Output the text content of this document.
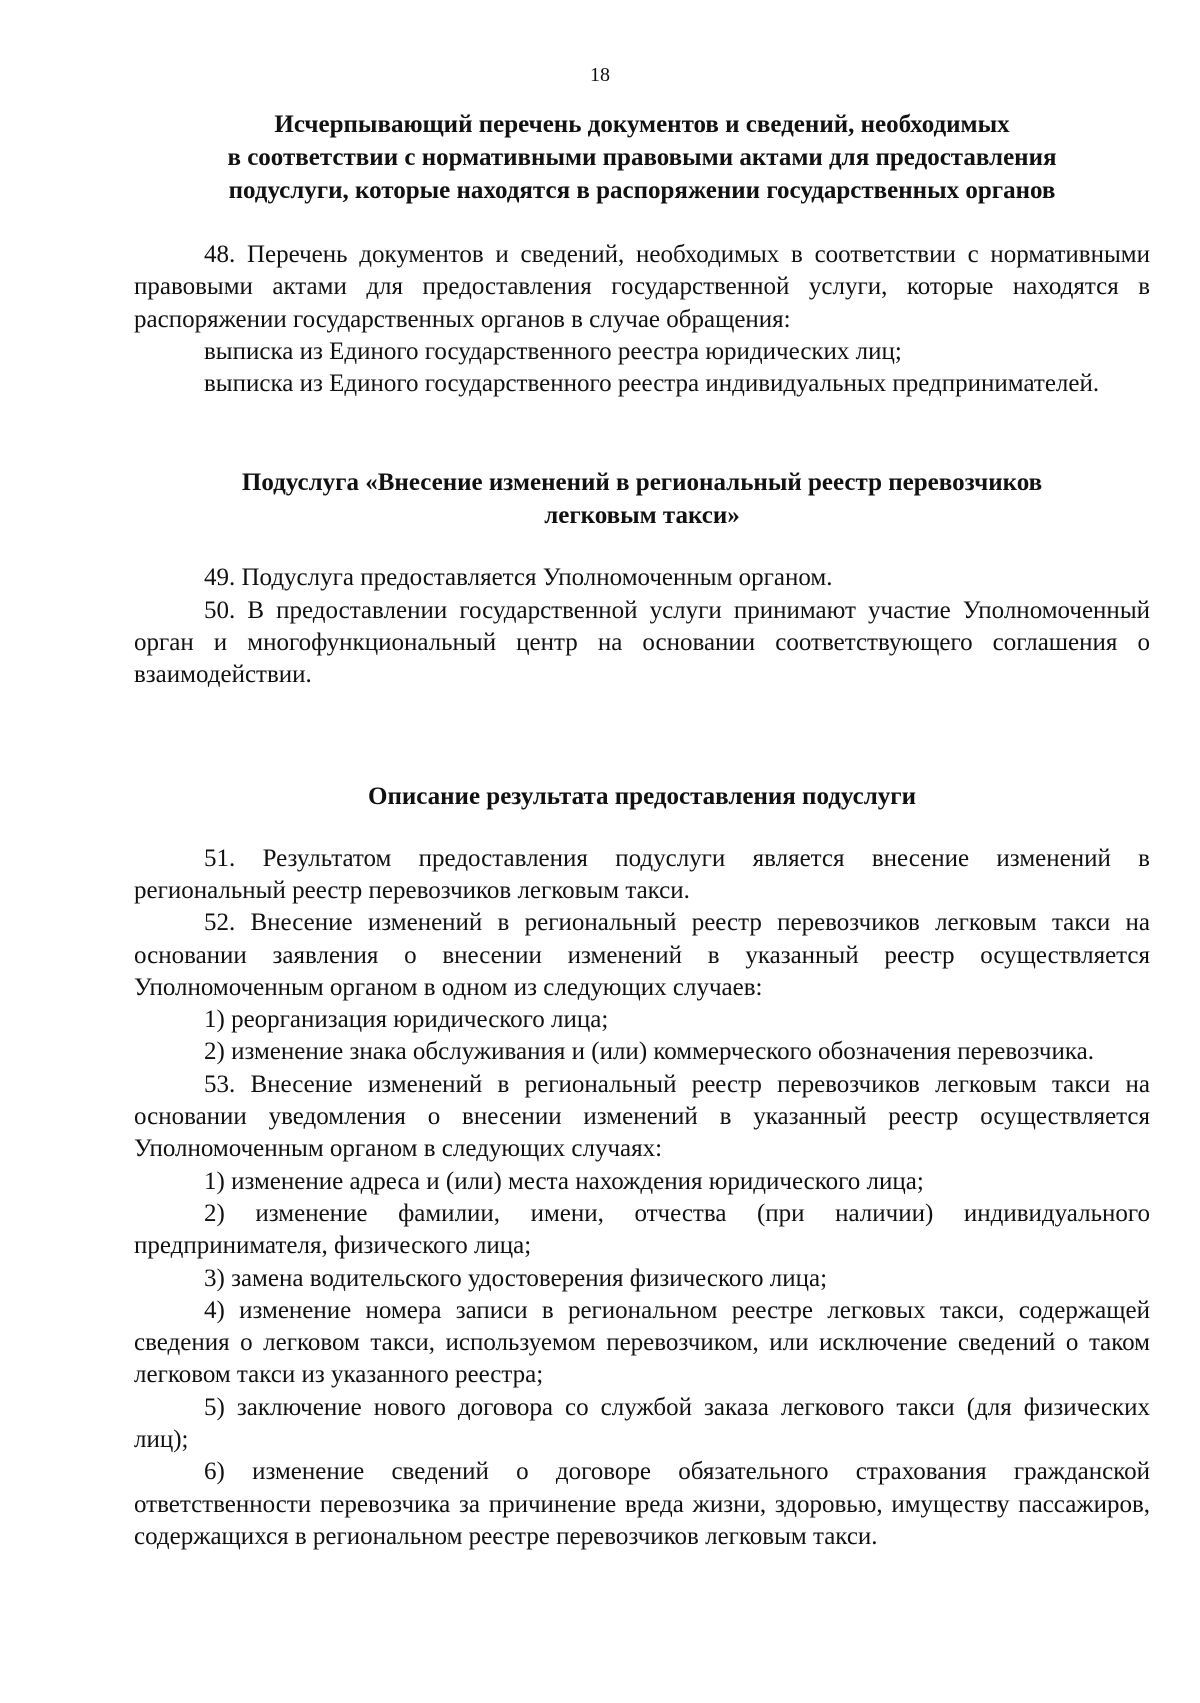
18

Исчерпывающий перечень документов и сведений, необходимых

в соответствии с нормативными правовыми актами для предоставления

подуслуги, которые находятся в распоряжении государственных органов

48. Перечень документов и сведений, необходимых в соответствии с нормативными правовыми актами для предоставления государственной услуги, которые находятся в распоряжении государственных органов в случае обращения:

выписка из Единого государственного реестра юридических лиц;

выписка из Единого государственного реестра индивидуальных предпринимателей.

Подуслуга «Внесение изменений в региональный реестр перевозчиков

легковым такси»

49. Подуслуга предоставляется Уполномоченным органом.

50. В предоставлении государственной услуги принимают участие Уполномоченный орган и многофункциональный центр на основании соответствующего соглашения о взаимодействии.

Описание результата предоставления подуслуги

51. Результатом предоставления подуслуги является внесение изменений в региональный реестр перевозчиков легковым такси.

52. Внесение изменений в региональный реестр перевозчиков легковым такси на основании заявления о внесении изменений в указанный реестр осуществляется Уполномоченным органом в одном из следующих случаев:

1) реорганизация юридического лица;

2) изменение знака обслуживания и (или) коммерческого обозначения перевозчика.

53. Внесение изменений в региональный реестр перевозчиков легковым такси на основании уведомления о внесении изменений в указанный реестр осуществляется Уполномоченным органом в следующих случаях:

1) изменение адреса и (или) места нахождения юридического лица;

2) изменение фамилии, имени, отчества (при наличии) индивидуального предпринимателя, физического лица;

3) замена водительского удостоверения физического лица;

4) изменение номера записи в региональном реестре легковых такси, содержащей сведения о легковом такси, используемом перевозчиком, или исключение сведений о таком легковом такси из указанного реестра;

5) заключение нового договора со службой заказа легкового такси (для физических лиц);

6) изменение сведений о договоре обязательного страхования гражданской ответственности перевозчика за причинение вреда жизни, здоровью, имуществу пассажиров, содержащихся в региональном реестре перевозчиков легковым такси.
